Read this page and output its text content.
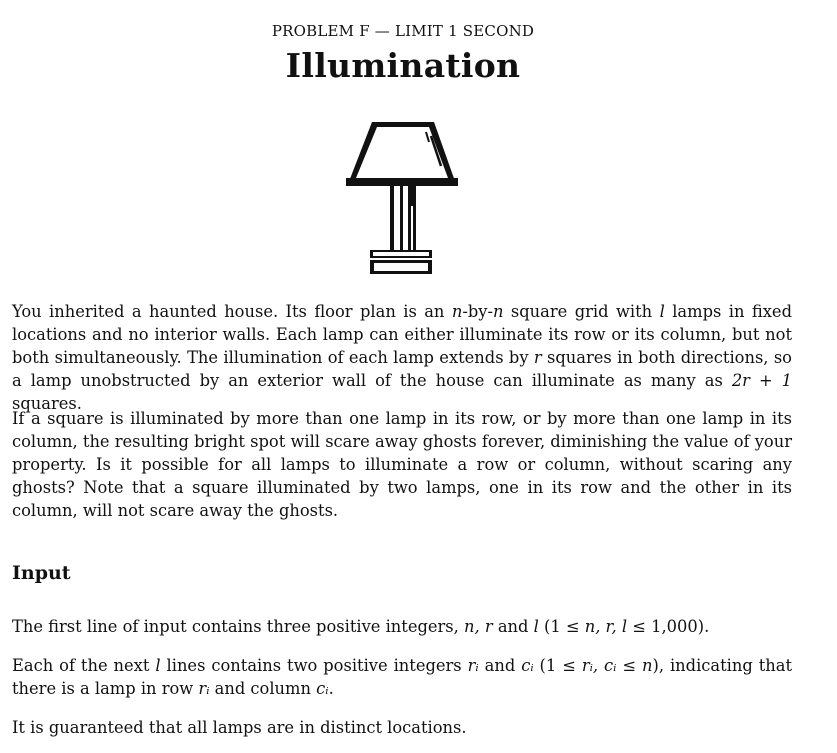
PROBLEM F — LIMIT 1 SECOND
Illumination

You inherited a haunted house. Its floor plan is an n-by-n square grid with l lamps in fixed locations and no interior walls. Each lamp can either illuminate its row or its column, but not both simultaneously. The illumination of each lamp extends by r squares in both directions, so a lamp unobstructed by an exterior wall of the house can illuminate as many as 2r + 1 squares.

If a square is illuminated by more than one lamp in its row, or by more than one lamp in its column, the resulting bright spot will scare away ghosts forever, diminishing the value of your property. Is it possible for all lamps to illuminate a row or column, without scaring any ghosts? Note that a square illuminated by two lamps, one in its row and the other in its column, will not scare away the ghosts.

Input

The first line of input contains three positive integers, n, r and l (1 ≤ n, r, l ≤ 1,000).

Each of the next l lines contains two positive integers rᵢ and cᵢ (1 ≤ rᵢ, cᵢ ≤ n), indicating that there is a lamp in row rᵢ and column cᵢ.

It is guaranteed that all lamps are in distinct locations.
